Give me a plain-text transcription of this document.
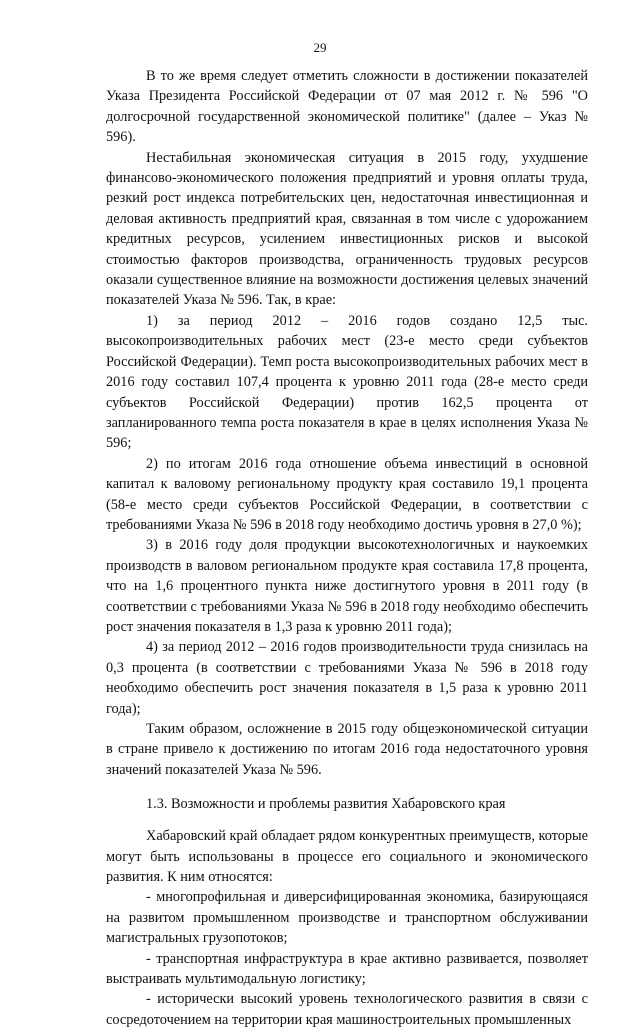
29

В то же время следует отметить сложности в достижении показателей Указа Президента Российской Федерации от 07 мая 2012 г. № 596 "О долгосрочной государственной экономической политике" (далее – Указ № 596).

Нестабильная экономическая ситуация в 2015 году, ухудшение финансово-экономического положения предприятий и уровня оплаты труда, резкий рост индекса потребительских цен, недостаточная инвестиционная и деловая активность предприятий края, связанная в том числе с удорожанием кредитных ресурсов, усилением инвестиционных рисков и высокой стоимостью факторов производства, ограниченность трудовых ресурсов оказали существенное влияние на возможности достижения целевых значений показателей Указа № 596. Так, в крае:

1) за период 2012 – 2016 годов создано 12,5 тыс. высокопроизводительных рабочих мест (23-е место среди субъектов Российской Федерации). Темп роста высокопроизводительных рабочих мест в 2016 году составил 107,4 процента к уровню 2011 года (28-е место среди субъектов Российской Федерации) против 162,5 процента от запланированного темпа роста показателя в крае в целях исполнения Указа № 596;

2) по итогам 2016 года отношение объема инвестиций в основной капитал к валовому региональному продукту края составило 19,1 процента (58-е место среди субъектов Российской Федерации, в соответствии с требованиями Указа № 596 в 2018 году необходимо достичь уровня в 27,0 %);

3) в 2016 году доля продукции высокотехнологичных и наукоемких производств в валовом региональном продукте края составила 17,8 процента, что на 1,6 процентного пункта ниже достигнутого уровня в 2011 году (в соответствии с требованиями Указа № 596 в 2018 году необходимо обеспечить рост значения показателя в 1,3 раза к уровню 2011 года);

4) за период 2012 – 2016 годов производительности труда снизилась на 0,3 процента (в соответствии с требованиями Указа № 596 в 2018 году необходимо обеспечить рост значения показателя в 1,5 раза к уровню 2011 года);

Таким образом, осложнение в 2015 году общеэкономической ситуации в стране привело к достижению по итогам 2016 года недостаточного уровня значений показателей Указа № 596.

1.3. Возможности и проблемы развития Хабаровского края

Хабаровский край обладает рядом конкурентных преимуществ, которые могут быть использованы в процессе его социального и экономического развития. К ним относятся:

- многопрофильная и диверсифицированная экономика, базирующаяся на развитом промышленном производстве и транспортном обслуживании магистральных грузопотоков;

- транспортная инфраструктура в крае активно развивается, позволяет выстраивать мультимодальную логистику;

- исторически высокий уровень технологического развития в связи с сосредоточением на территории края машиностроительных промышленных
